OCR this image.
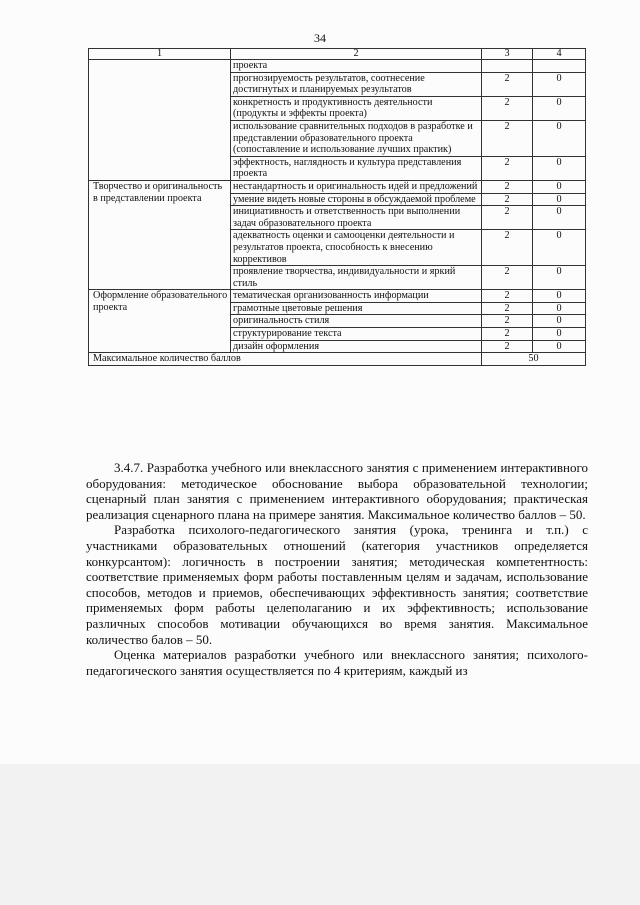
34
1	2	3	4
	проекта		
	прогнозируемость результатов, соотнесение достигнутых и планируемых результатов	2	0
	конкретность и продуктивность деятельности (продукты и эффекты проекта)	2	0
	использование сравнительных подходов в разработке и представлении образовательного проекта (сопоставление и использование лучших практик)	2	0
	эффектность, наглядность и культура представления проекта	2	0
Творчество и оригинальность в представлении проекта	нестандартность и оригинальность идей и предложений	2	0
	умение видеть новые стороны в обсуждаемой проблеме	2	0
	инициативность и ответственность при выполнении задач образовательного проекта	2	0
	адекватность оценки и самооценки деятельности и результатов проекта, способность к внесению коррективов	2	0
	проявление творчества, индивидуальности и яркий стиль	2	0
Оформление образовательного проекта	тематическая организованность информации	2	0
	грамотные цветовые решения	2	0
	оригинальность стиля	2	0
	структурирование текста	2	0
	дизайн оформления	2	0
Максимальное количество баллов		50	

3.4.7. Разработка учебного или внеклассного занятия с применением интерактивного оборудования: методическое обоснование выбора образовательной технологии; сценарный план занятия с применением интерактивного оборудования; практическая реализация сценарного плана на примере занятия. Максимальное количество баллов – 50.

Разработка психолого-педагогического занятия (урока, тренинга и т.п.) с участниками образовательных отношений (категория участников определяется конкурсантом): логичность в построении занятия; методическая компетентность: соответствие применяемых форм работы поставленным целям и задачам, использование способов, методов и приемов, обеспечивающих эффективность занятия; соответствие применяемых форм работы целеполаганию и их эффективность; использование различных способов мотивации обучающихся во время занятия. Максимальное количество балов – 50.

Оценка материалов разработки учебного или внеклассного занятия; психолого-педагогического занятия осуществляется по 4 критериям, каждый из
